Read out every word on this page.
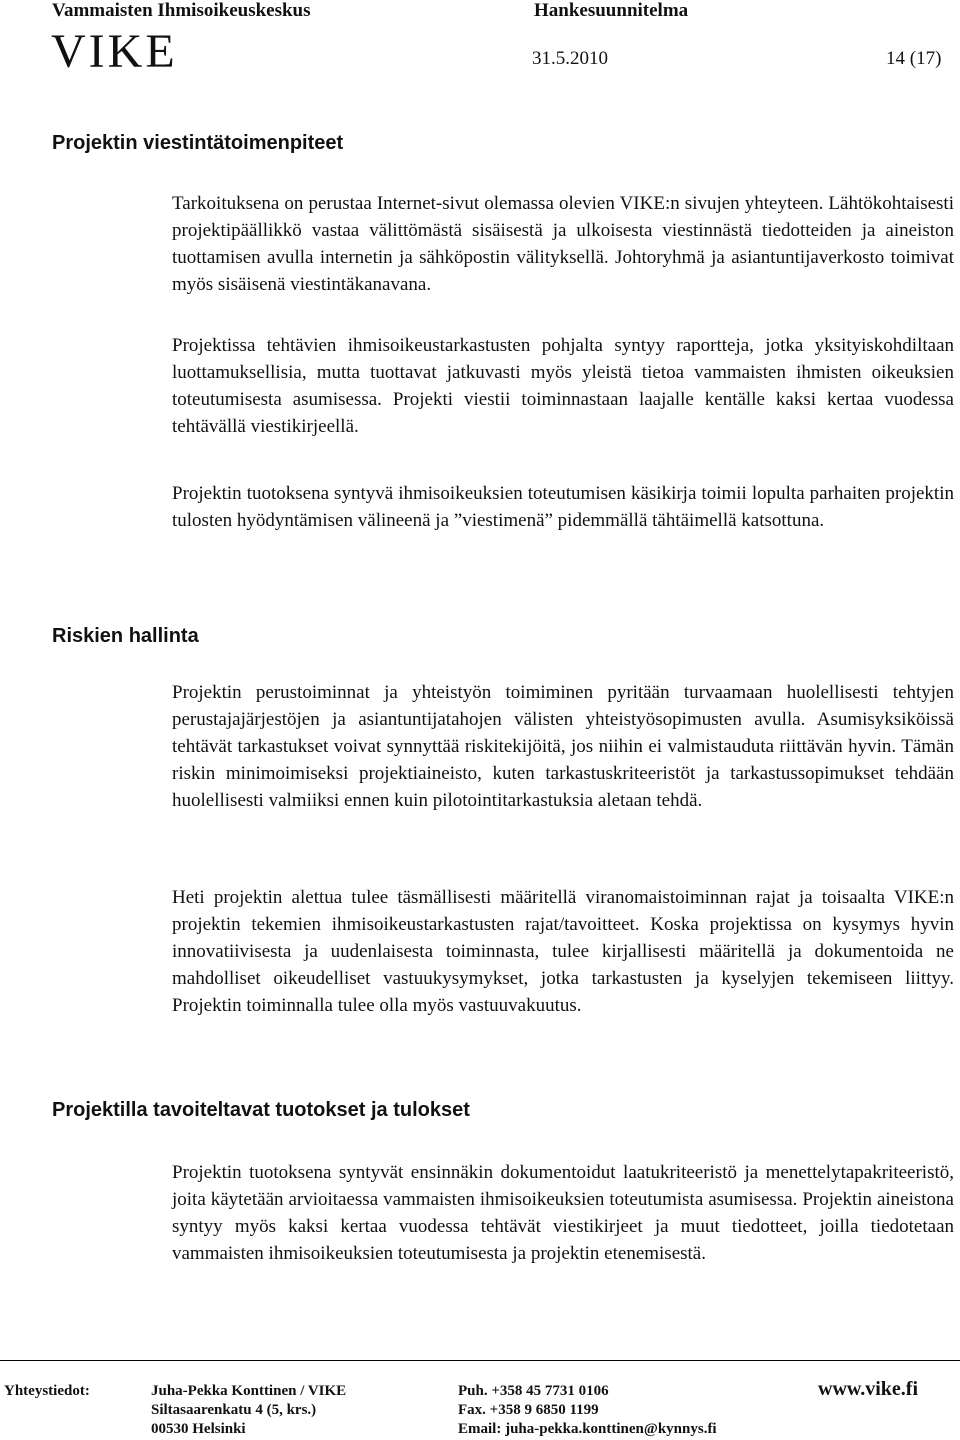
Vammaisten Ihmisoikeuskeskus	Hankesuunnitelma
VIKE	31.5.2010	14 (17)
Projektin viestintätoimenpiteet

Tarkoituksena on perustaa Internet-sivut olemassa olevien VIKE:n sivujen yhteyteen. Lähtökohtaisesti projektipäällikkö vastaa välittömästä sisäisestä ja ulkoisesta viestinnästä tiedotteiden ja aineiston tuottamisen avulla internetin ja sähköpostin välityksellä. Johtoryhmä ja asiantuntijaverkosto toimivat myös sisäisenä viestintäkanavana.

Projektissa tehtävien ihmisoikeustarkastusten pohjalta syntyy raportteja, jotka yksityiskohdiltaan luottamuksellisia, mutta tuottavat jatkuvasti myös yleistä tietoa vammaisten ihmisten oikeuksien toteutumisesta asumisessa. Projekti viestii toiminnastaan laajalle kentälle kaksi kertaa vuodessa tehtävällä viestikirjeellä.

Projektin tuotoksena syntyvä ihmisoikeuksien toteutumisen käsikirja toimii lopulta parhaiten projektin tulosten hyödyntämisen välineenä ja ”viestimenä” pidemmällä tähtäimellä katsottuna.

Riskien hallinta

Projektin perustoiminnat ja yhteistyön toimiminen pyritään turvaamaan huolellisesti tehtyjen perustajajärjestöjen ja asiantuntijatahojen välisten yhteistyösopimusten avulla. Asumisyksiköissä tehtävät tarkastukset voivat synnyttää riskitekijöitä, jos niihin ei valmistauduta riittävän hyvin. Tämän riskin minimoimiseksi projektiaineisto, kuten tarkastuskriteeristöt ja tarkastussopimukset tehdään huolellisesti valmiiksi ennen kuin pilotointitarkastuksia aletaan tehdä.

Heti projektin alettua tulee täsmällisesti määritellä viranomaistoiminnan rajat ja toisaalta VIKE:n projektin tekemien ihmisoikeustarkastusten rajat/tavoitteet. Koska projektissa on kysymys hyvin innovatiivisesta ja uudenlaisesta toiminnasta, tulee kirjallisesti määritellä ja dokumentoida ne mahdolliset oikeudelliset vastuukysymykset, jotka tarkastusten ja kyselyjen tekemiseen liittyy. Projektin toiminnalla tulee olla myös vastuuvakuutus.

Projektilla tavoiteltavat tuotokset ja tulokset

Projektin tuotoksena syntyvät ensinnäkin dokumentoidut laatukriteeristö ja menettelytapakriteeristö, joita käytetään arvioitaessa vammaisten ihmisoikeuksien toteutumista asumisessa. Projektin aineistona syntyy myös kaksi kertaa vuodessa tehtävät viestikirjeet ja muut tiedotteet, joilla tiedotetaan vammaisten ihmisoikeuksien toteutumisesta ja projektin etenemisestä.

Yhteystiedot:	Juha-Pekka Konttinen / VIKE
Siltasaarenkatu 4 (5, krs.)
00530 Helsinki
Puh. +358 45 7731 0106
Fax. +358 9 6850 1199
Email: juha-pekka.konttinen@kynnys.fi
www.vike.fi
